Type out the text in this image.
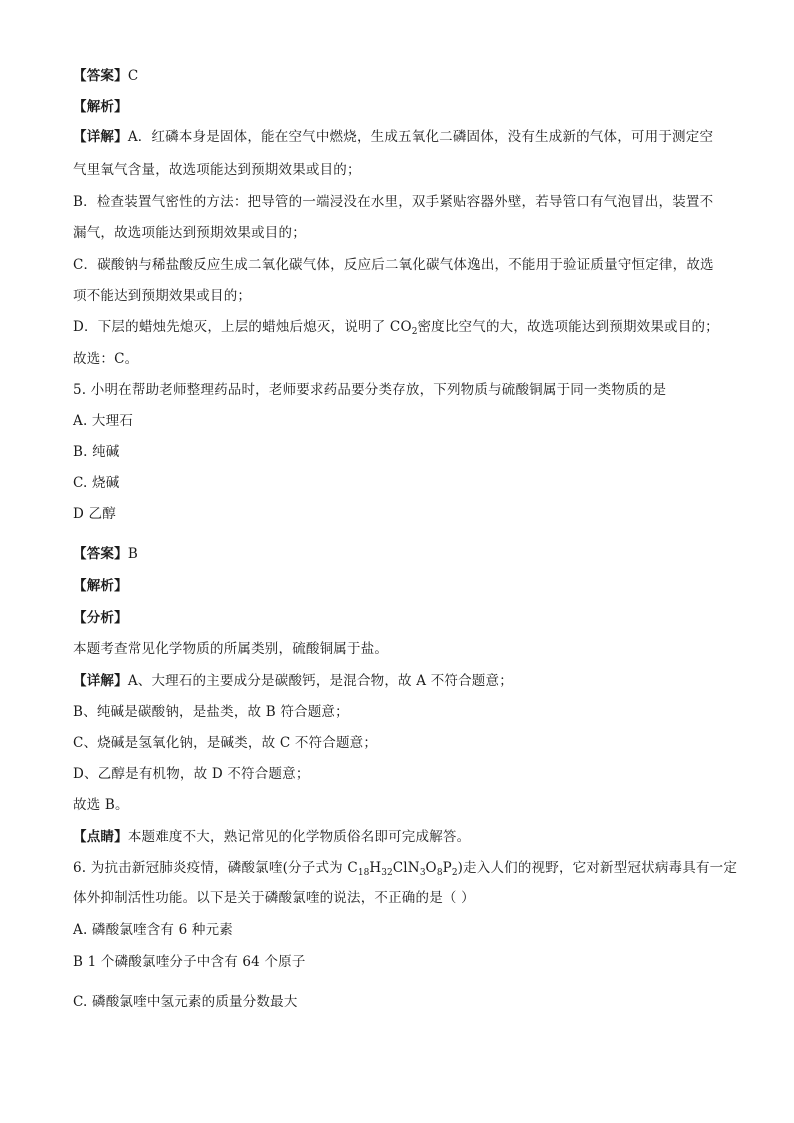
【答案】C
【解析】
【详解】A．红磷本身是固体，能在空气中燃烧，生成五氧化二磷固体，没有生成新的气体，可用于测定空
气里氧气含量，故选项能达到预期效果或目的；
B．检查装置气密性的方法：把导管的一端浸没在水里，双手紧贴容器外壁，若导管口有气泡冒出，装置不
漏气，故选项能达到预期效果或目的；
C．碳酸钠与稀盐酸反应生成二氧化碳气体，反应后二氧化碳气体逸出，不能用于验证质量守恒定律，故选
项不能达到预期效果或目的；
D．下层的蜡烛先熄灭，上层的蜡烛后熄灭，说明了 $CO_2$密度比空气的大，故选项能达到预期效果或目的；
故选：C。
5. 小明在帮助老师整理药品时，老师要求药品要分类存放，下列物质与硫酸铜属于同一类物质的是
A. 大理石
B. 纯碱
C. 烧碱
D 乙醇
【答案】B
【解析】
【分析】
本题考查常见化学物质的所属类别，硫酸铜属于盐。
【详解】A、大理石的主要成分是碳酸钙，是混合物，故 A 不符合题意；
B、纯碱是碳酸钠，是盐类，故 B 符合题意；
C、烧碱是氢氧化钠，是碱类，故 C 不符合题意；
D、乙醇是有机物，故 D 不符合题意；
故选 B。
【点睛】本题难度不大，熟记常见的化学物质俗名即可完成解答。
6. 为抗击新冠肺炎疫情，磷酸氯喹(分子式为 $C_{18}H_{32}ClN_3O_8P_2$)走入人们的视野，它对新型冠状病毒具有一定
体外抑制活性功能。以下是关于磷酸氯喹的说法，不正确的是（ ）
A. 磷酸氯喹含有 6 种元素
B 1 个磷酸氯喹分子中含有 64 个原子
C. 磷酸氯喹中氢元素的质量分数最大
